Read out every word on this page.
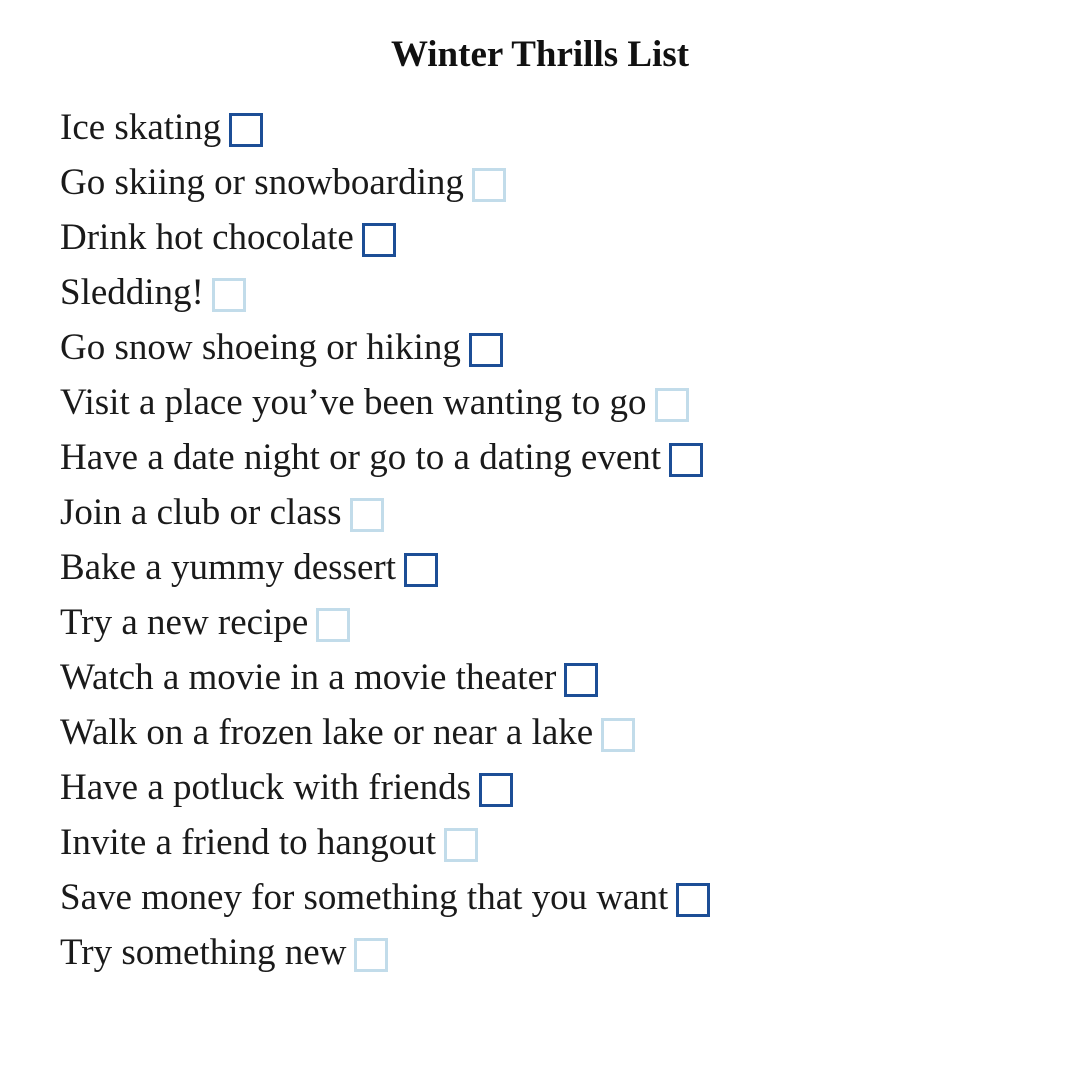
Winter Thrills List
Ice skating
Go skiing or snowboarding
Drink hot chocolate
Sledding!
Go snow shoeing or hiking
Visit a place you’ve been wanting to go
Have a date night or go to a dating event
Join a club or class
Bake a yummy dessert
Try a new recipe
Watch a movie in a movie theater
Walk on a frozen lake or near a lake
Have a potluck with friends
Invite a friend to hangout
Save money for something that you want
Try something new
